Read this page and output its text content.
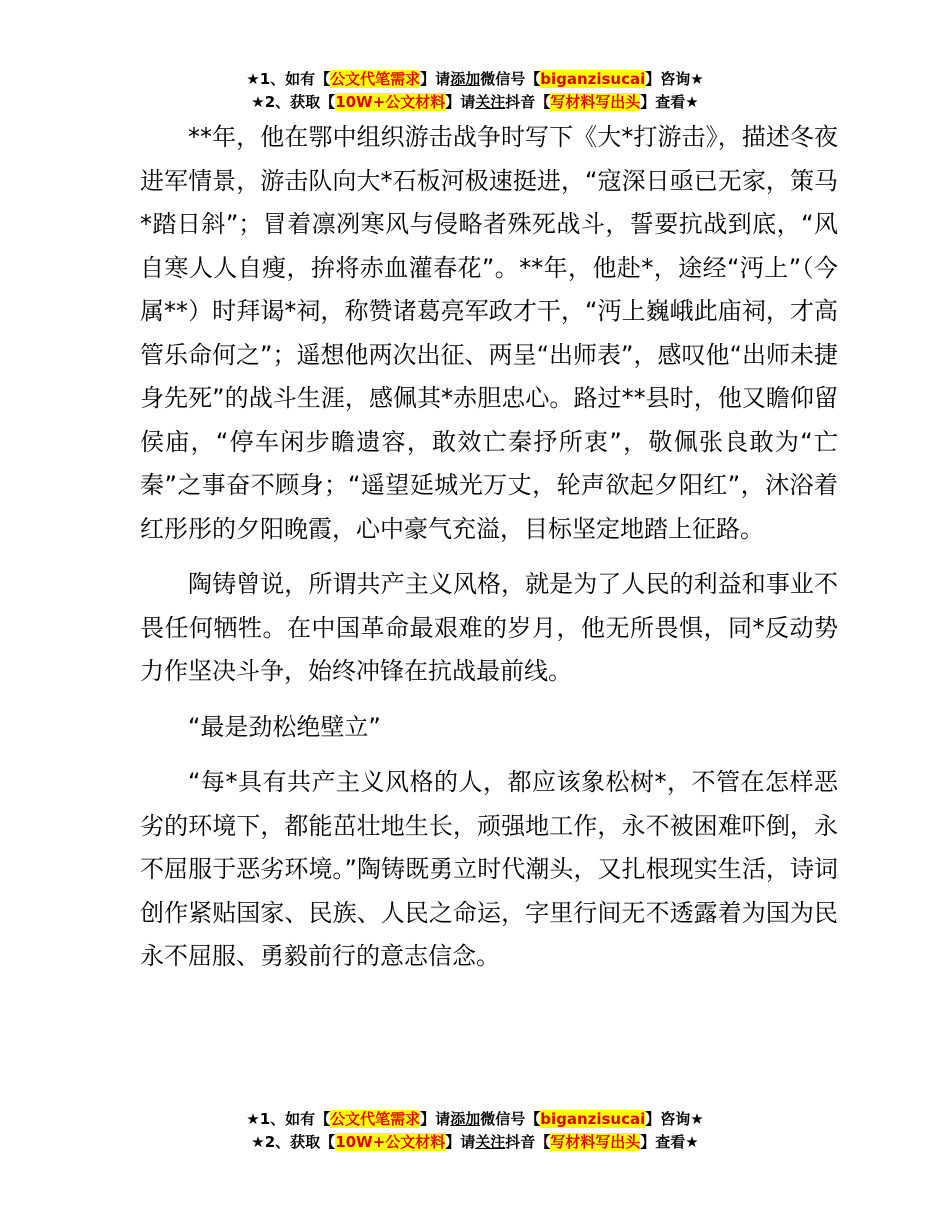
★1、如有【公文代笔需求】请添加微信号【biganzisucai】咨询★
★2、获取【10W+公文材料】请关注抖音【写材料写出头】查看★

**年，他在鄂中组织游击战争时写下《大*打游击》，描述冬夜进军情景，游击队向大*石板河极速挺进，“寇深日亟已无家，策马*踏日斜”；冒着凛冽寒风与侵略者殊死战斗，誓要抗战到底，“风自寒人人自瘦，拚将赤血灌春花”。**年，他赴*，途经“沔上”（今属**）时拜谒*祠，称赞诸葛亮军政才干，“沔上巍峨此庙祠，才高管乐命何之”；遥想他两次出征、两呈“出师表”，感叹他“出师未捷身先死”的战斗生涯，感佩其*赤胆忠心。路过**县时，他又瞻仰留侯庙，“停车闲步瞻遗容，敢效亡秦抒所衷”，敬佩张良敢为“亡秦”之事奋不顾身；“遥望延城光万丈，轮声欲起夕阳红”，沐浴着红彤彤的夕阳晚霞，心中豪气充溢，目标坚定地踏上征路。

陶铸曾说，所谓共产主义风格，就是为了人民的利益和事业不畏任何牺牲。在中国革命最艰难的岁月，他无所畏惧，同*反动势力作坚决斗争，始终冲锋在抗战最前线。

“最是劲松绝壁立”

“每*具有共产主义风格的人，都应该象松树*，不管在怎样恶劣的环境下，都能茁壮地生长，顽强地工作，永不被困难吓倒，永不屈服于恶劣环境。”陶铸既勇立时代潮头，又扎根现实生活，诗词创作紧贴国家、民族、人民之命运，字里行间无不透露着为国为民永不屈服、勇毅前行的意志信念。

★1、如有【公文代笔需求】请添加微信号【biganzisucai】咨询★
★2、获取【10W+公文材料】请关注抖音【写材料写出头】查看★
